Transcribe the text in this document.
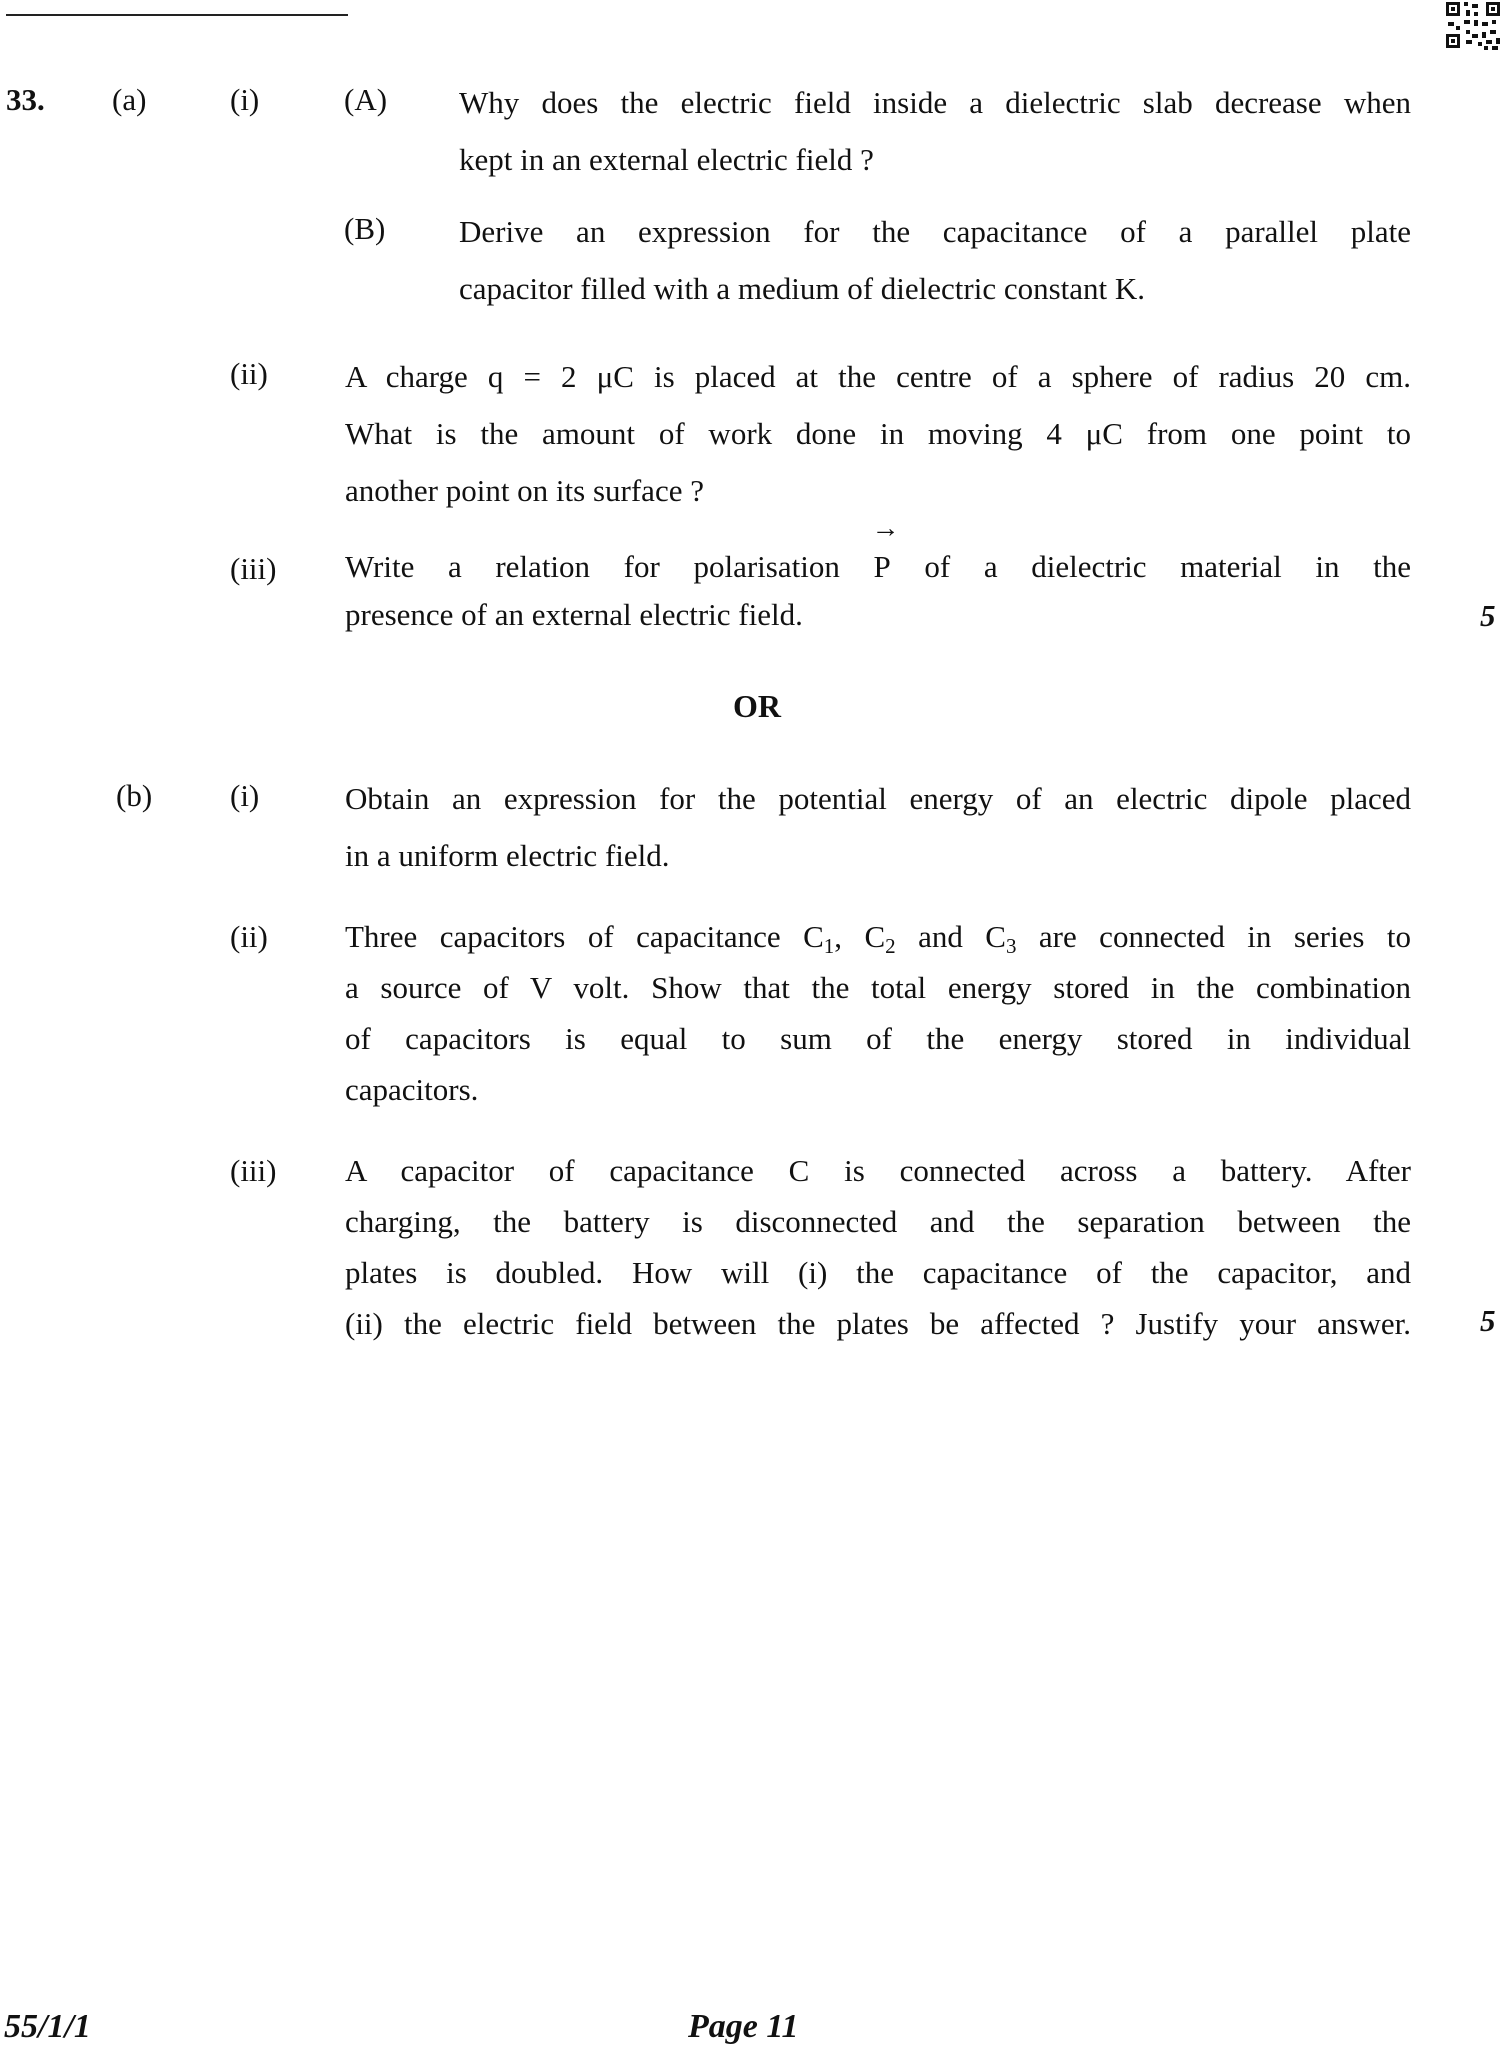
33. (a)	(i)	(A) Why does the electric field inside a dielectric slab decrease when
kept in an external electric field ?
(B) Derive an expression for the capacitance of a parallel plate
capacitor filled with a medium of dielectric constant K.
(ii) A charge q = 2 μC is placed at the centre of a sphere of radius 20 cm.
What is the amount of work done in moving 4 μC from one point to
another point on its surface ?
(iii) Write a relation for polarisation
→
P of a dielectric material in the
presence of an external electric field.	5
OR
(b)	(i)	Obtain an expression for the potential energy of an electric dipole placed
in a uniform electric field.
(ii) Three capacitors of capacitance $C_1$, $C_2$ and $C_3$ are connected in series to
a source of V volt. Show that the total energy stored in the combination
of capacitors is equal to sum of the energy stored in individual
capacitors.
(iii) A capacitor of capacitance C is connected across a battery. After
charging, the battery is disconnected and the separation between the
plates is doubled. How will (i) the capacitance of the capacitor, and
(ii) the electric field between the plates be affected ? Justify your answer. 5
55/1/1	Page 11
